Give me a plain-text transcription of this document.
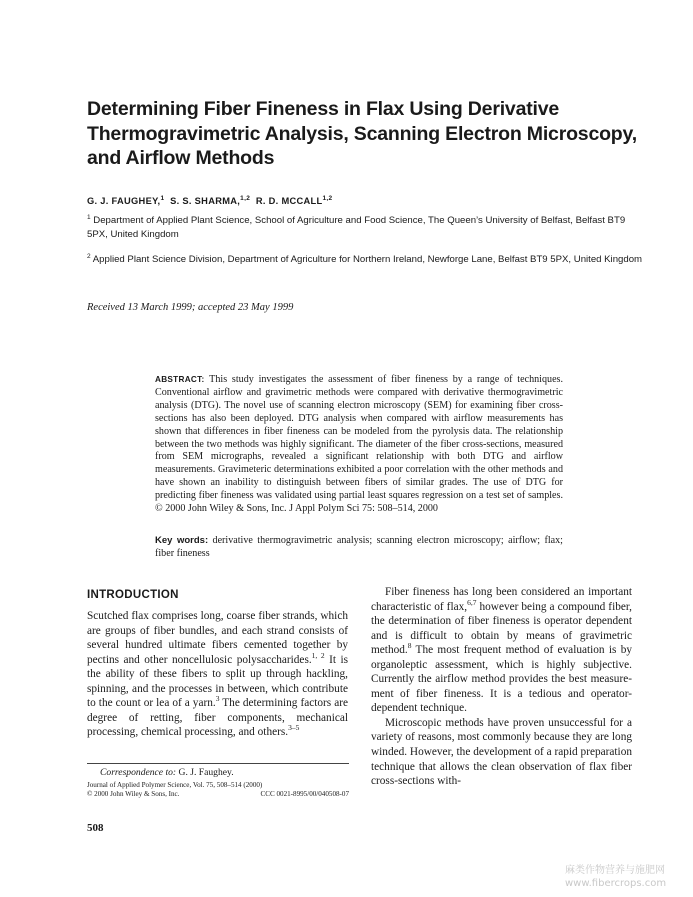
Determining Fiber Fineness in Flax Using Derivative Thermogravimetric Analysis, Scanning Electron Microscopy, and Airflow Methods
G. J. FAUGHEY,$^1$ S. S. SHARMA,$^{1,2}$ R. D. MCCALL$^{1,2}$
$^1$ Department of Applied Plant Science, School of Agriculture and Food Science, The Queen’s University of Belfast, Belfast BT9 5PX, United Kingdom
$^2$ Applied Plant Science Division, Department of Agriculture for Northern Ireland, Newforge Lane, Belfast BT9 5PX, United Kingdom
Received 13 March 1999; accepted 23 May 1999
ABSTRACT: This study investigates the assessment of fiber fineness by a range of techniques. Conventional airflow and gravimetric methods were compared with derivative thermogravimetric analysis (DTG). The novel use of scanning electron microscopy (SEM) for examining fiber cross-sections has also been deployed. DTG analysis when compared with airflow measurements has shown that differences in fiber fineness can be modeled from the pyrolysis data. The relationship between the two methods was highly significant. The diameter of the fiber cross-sections, measured from SEM micrographs, revealed a significant relationship with both DTG and airflow measurements. Gravimeteric determinations exhibited a poor correlation with the other methods and have shown an inability to distinguish between fibers of similar grades. The use of DTG for predicting fiber fineness was validated using partial least squares regression on a test set of samples. © 2000 John Wiley & Sons, Inc. J Appl Polym Sci 75: 508–514, 2000
Key words: derivative thermogravimetric analysis; scanning electron microscopy; airflow; flax; fiber fineness
INTRODUCTION

Scutched flax comprises long, coarse fiber strands, which are groups of fiber bundles, and each strand consists of several hundred ultimate fibers cemented together by pectins and other noncellulosic polysaccharides.$^{1, 2}$ It is the ability of these fibers to split up through hackling, spinning, and the processes in between, which contribute to the count or lea of a yarn.$^3$ The determining factors are degree of retting, fiber components, mechanical processing, chemical processing, and others.$^{3-5}$

Fiber fineness has long been considered an important characteristic of flax,$^{6,7}$ however being a compound fiber, the determination of fiber fineness is operator dependent and is difficult to obtain by means of gravimetric method.$^8$ The most frequent method of evaluation is by organoleptic assessment, which is highly subjective. Currently the airflow method provides the best measurement of fiber fineness. It is a tedious and operator-dependent technique.

Microscopic methods have proven unsuccessful for a variety of reasons, most commonly because they are long winded. However, the development of a rapid preparation technique that allows the clean observation of flax fiber cross-sections with-

Correspondence to: G. J. Faughey.
Journal of Applied Polymer Science, Vol. 75, 508–514 (2000)
© 2000 John Wiley & Sons, Inc.	CCC 0021-8995/00/040508-07
508
麻类作物营养与施肥网
www.fibercrops.com
